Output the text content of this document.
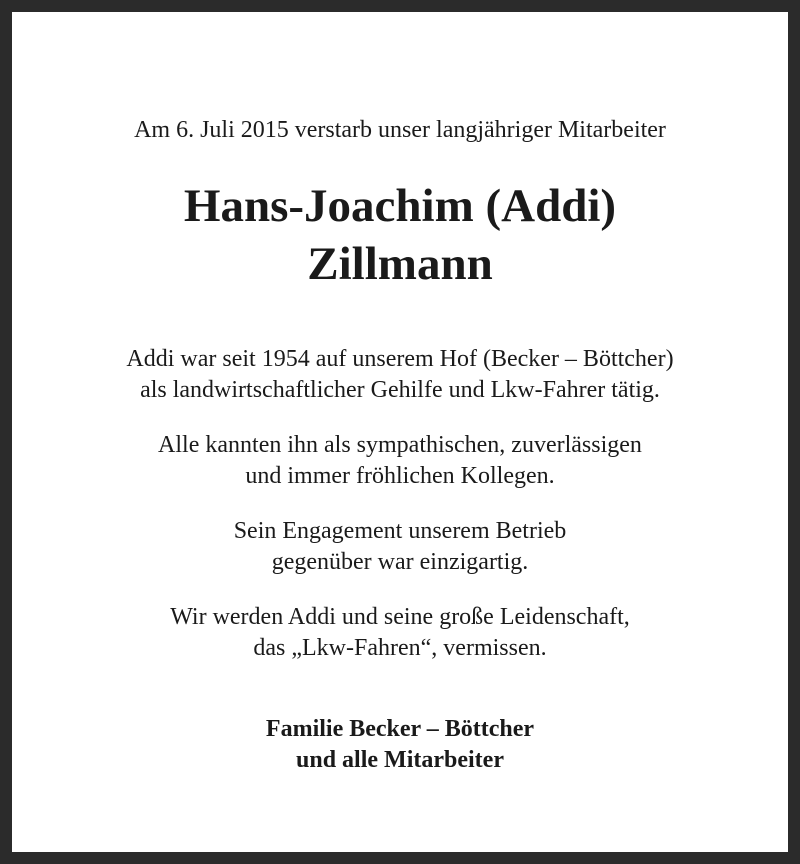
Am 6. Juli 2015 verstarb unser langjähriger Mitarbeiter
Hans-Joachim (Addi)
Zillmann
Addi war seit 1954 auf unserem Hof (Becker – Böttcher)
als landwirtschaftlicher Gehilfe und Lkw-Fahrer tätig.
Alle kannten ihn als sympathischen, zuverlässigen
und immer fröhlichen Kollegen.
Sein Engagement unserem Betrieb
gegenüber war einzigartig.
Wir werden Addi und seine große Leidenschaft,
das „Lkw-Fahren“, vermissen.
Familie Becker – Böttcher
und alle Mitarbeiter
